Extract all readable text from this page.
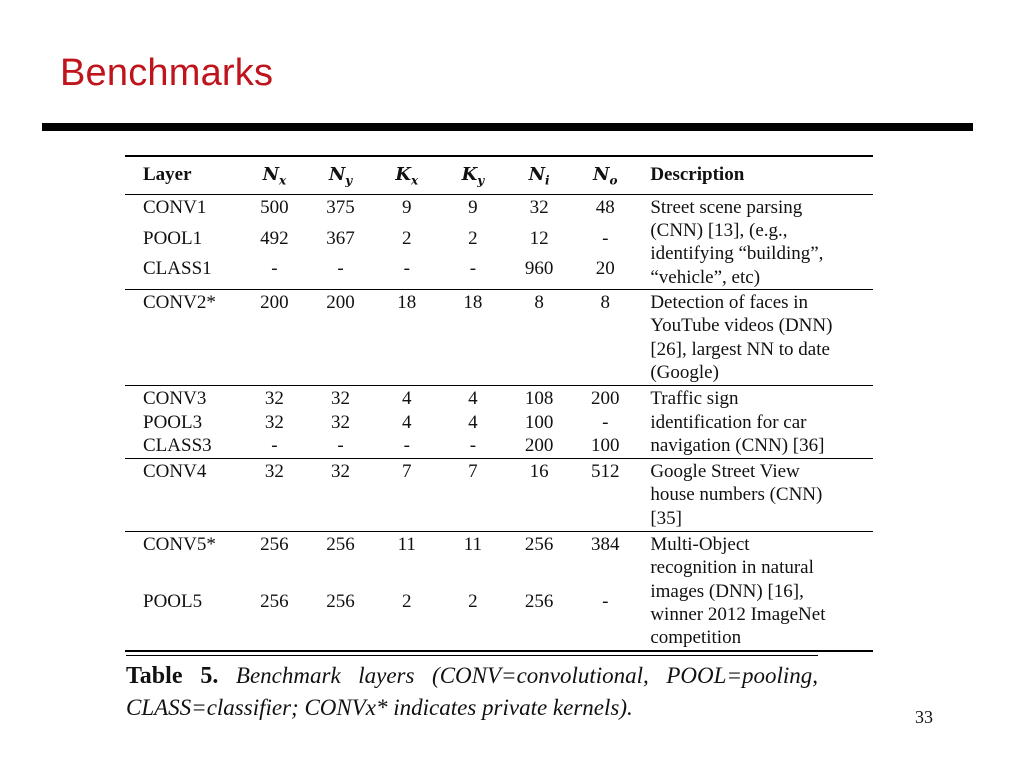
Benchmarks
Layer	$N_x$	$N_y$	$K_x$	$K_y$	$N_i$	$N_o$	Description
CONV1	500	375	9	9	32	48	Street scene parsing
(CNN) [13], (e.g.,
identifying “building”,
“vehicle”, etc)

POOL1	492	367	2	2	12	-	
CLASS1	-	-	-	-	960	20	
CONV2*	200	200	18	18	8	8	Detection of faces in
YouTube videos (DNN)
[26], largest NN to date
(Google)

CONV3	32	32	4	4	108	200	Traffic sign
identification for car
navigation (CNN) [36]

POOL3	32	32	4	4	100	-	
CLASS3	-	-	-	-	200	100	
CONV4	32	32	7	7	16	512	Google Street View
house numbers (CNN)
[35]

CONV5*	256	256	11	11	256	384	Multi-Object
recognition in natural
images (DNN) [16],
winner 2012 ImageNet
competition

POOL5	256	256	2	2	256	-	

Table 5. Benchmark layers (CONV=convolutional, POOL=pooling, CLASS=classifier; CONVx* indicates private kernels).	33
